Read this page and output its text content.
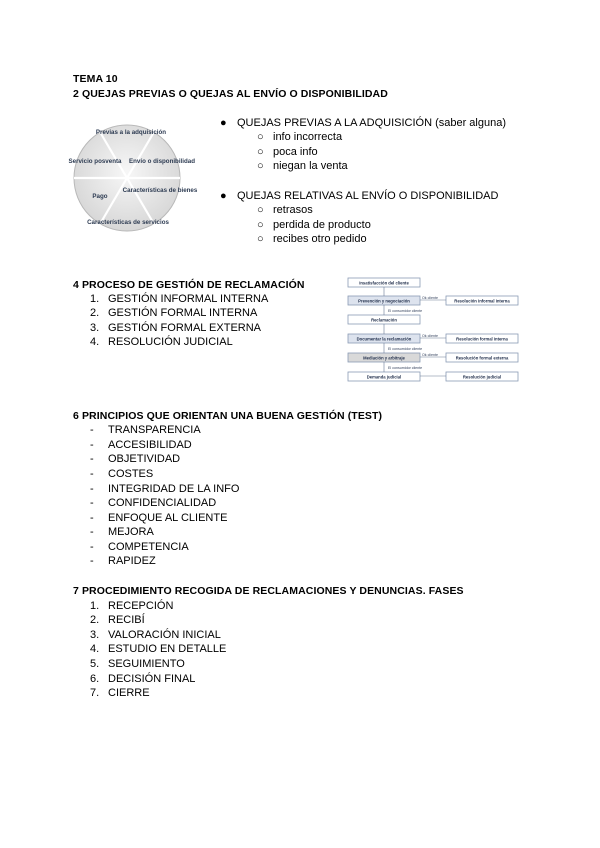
TEMA 10
2 QUEJAS PREVIAS O QUEJAS AL ENVÍO O DISPONIBILIDAD
Previas a la adquisición
Envío o disponibilidad
Características de bienes
Características de servicios
Pago
Servicio posventa
● QUEJAS PREVIAS A LA ADQUISICIÓN (saber alguna)
○ info incorrecta
○ poca info
○ niegan la venta
● QUEJAS RELATIVAS AL ENVÍO O DISPONIBILIDAD
○ retrasos
○ perdida de producto
○ recibes otro pedido
4 PROCESO DE GESTIÓN DE RECLAMACIÓN
1. GESTIÓN INFORMAL INTERNA
2. GESTIÓN FORMAL INTERNA
3. GESTIÓN FORMAL EXTERNA
4. RESOLUCIÓN JUDICIAL
Insatisfacción del cliente
Prevención y negociación	Resolución informal interna
Reclamación
Documentar la reclamación	Resolución formal interna
Mediación y arbitraje	Resolución formal externa
Demanda judicial	Resolución judicial
Ok cliente
El consumidor cliente
Ok cliente
El consumidor cliente
Ok cliente
El consumidor cliente
6 PRINCIPIOS QUE ORIENTAN UNA BUENA GESTIÓN (TEST)
- TRANSPARENCIA
- ACCESIBILIDAD
- OBJETIVIDAD
- COSTES
- INTEGRIDAD DE LA INFO
- CONFIDENCIALIDAD
- ENFOQUE AL CLIENTE
- MEJORA
- COMPETENCIA
- RAPIDEZ
7 PROCEDIMIENTO RECOGIDA DE RECLAMACIONES Y DENUNCIAS. FASES
1. RECEPCIÓN
2. RECIBÍ
3. VALORACIÓN INICIAL
4. ESTUDIO EN DETALLE
5. SEGUIMIENTO
6. DECISIÓN FINAL
7. CIERRE
